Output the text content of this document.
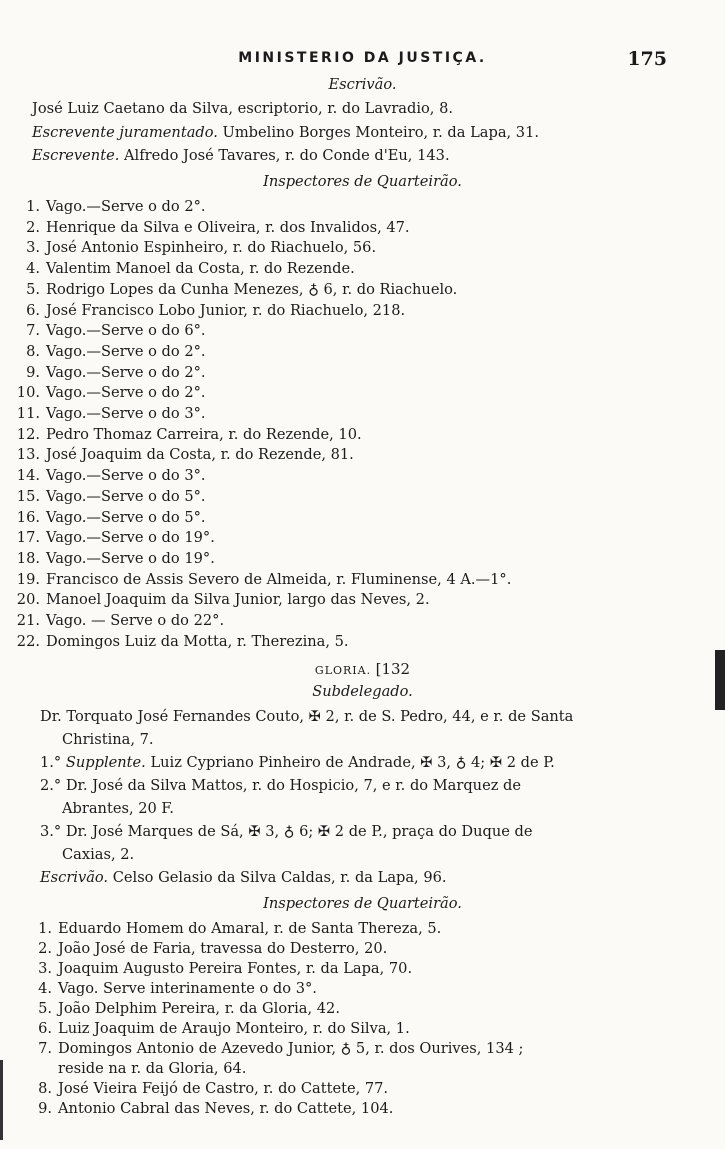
MINISTERIO DA JUSTIÇA.	175
Escrivão.
José Luiz Caetano da Silva, escriptorio, r. do Lavradio, 8.
Escrevente juramentado. Umbelino Borges Monteiro, r. da Lapa, 31.
Escrevente. Alfredo José Tavares, r. do Conde d'Eu, 143.
Inspectores de Quarteirão.
1. Vago.—Serve o do 2°.
2. Henrique da Silva e Oliveira, r. dos Invalidos, 47.
3. José Antonio Espinheiro, r. do Riachuelo, 56.
4. Valentim Manoel da Costa, r. do Rezende.
5. Rodrigo Lopes da Cunha Menezes, ♁ 6, r. do Riachuelo.
6. José Francisco Lobo Junior, r. do Riachuelo, 218.
7. Vago.—Serve o do 6°.
8. Vago.—Serve o do 2°.
9. Vago.—Serve o do 2°.
10. Vago.—Serve o do 2°.
11. Vago.—Serve o do 3°.
12. Pedro Thomaz Carreira, r. do Rezende, 10.
13. José Joaquim da Costa, r. do Rezende, 81.
14. Vago.—Serve o do 3°.
15. Vago.—Serve o do 5°.
16. Vago.—Serve o do 5°.
17. Vago.—Serve o do 19°.
18. Vago.—Serve o do 19°.
19. Francisco de Assis Severo de Almeida, r. Fluminense, 4 A.—1°.
20. Manoel Joaquim da Silva Junior, largo das Neves, 2.
21. Vago. — Serve o do 22°.
22. Domingos Luiz da Motta, r. Therezina, 5.
GLORIA. [132
Subdelegado.
Dr. Torquato José Fernandes Couto, ✠ 2, r. de S. Pedro, 44, e r. de Santa
Christina, 7.
1.° Supplente. Luiz Cypriano Pinheiro de Andrade, ✠ 3, ♁ 4; ✠ 2 de P.
2.° Dr. José da Silva Mattos, r. do Hospicio, 7, e r. do Marquez de
Abrantes, 20 F.
3.° Dr. José Marques de Sá, ✠ 3, ♁ 6; ✠ 2 de P., praça do Duque de
Caxias, 2.
Escrivão. Celso Gelasio da Silva Caldas, r. da Lapa, 96.
Inspectores de Quarteirão.
1. Eduardo Homem do Amaral, r. de Santa Thereza, 5.
2. João José de Faria, travessa do Desterro, 20.
3. Joaquim Augusto Pereira Fontes, r. da Lapa, 70.
4. Vago. Serve interinamente o do 3°.
5. João Delphim Pereira, r. da Gloria, 42.
6. Luiz Joaquim de Araujo Monteiro, r. do Silva, 1.
7. Domingos Antonio de Azevedo Junior, ♁ 5, r. dos Ourives, 134 ;
reside na r. da Gloria, 64.
8. José Vieira Feijó de Castro, r. do Cattete, 77.
9. Antonio Cabral das Neves, r. do Cattete, 104.
